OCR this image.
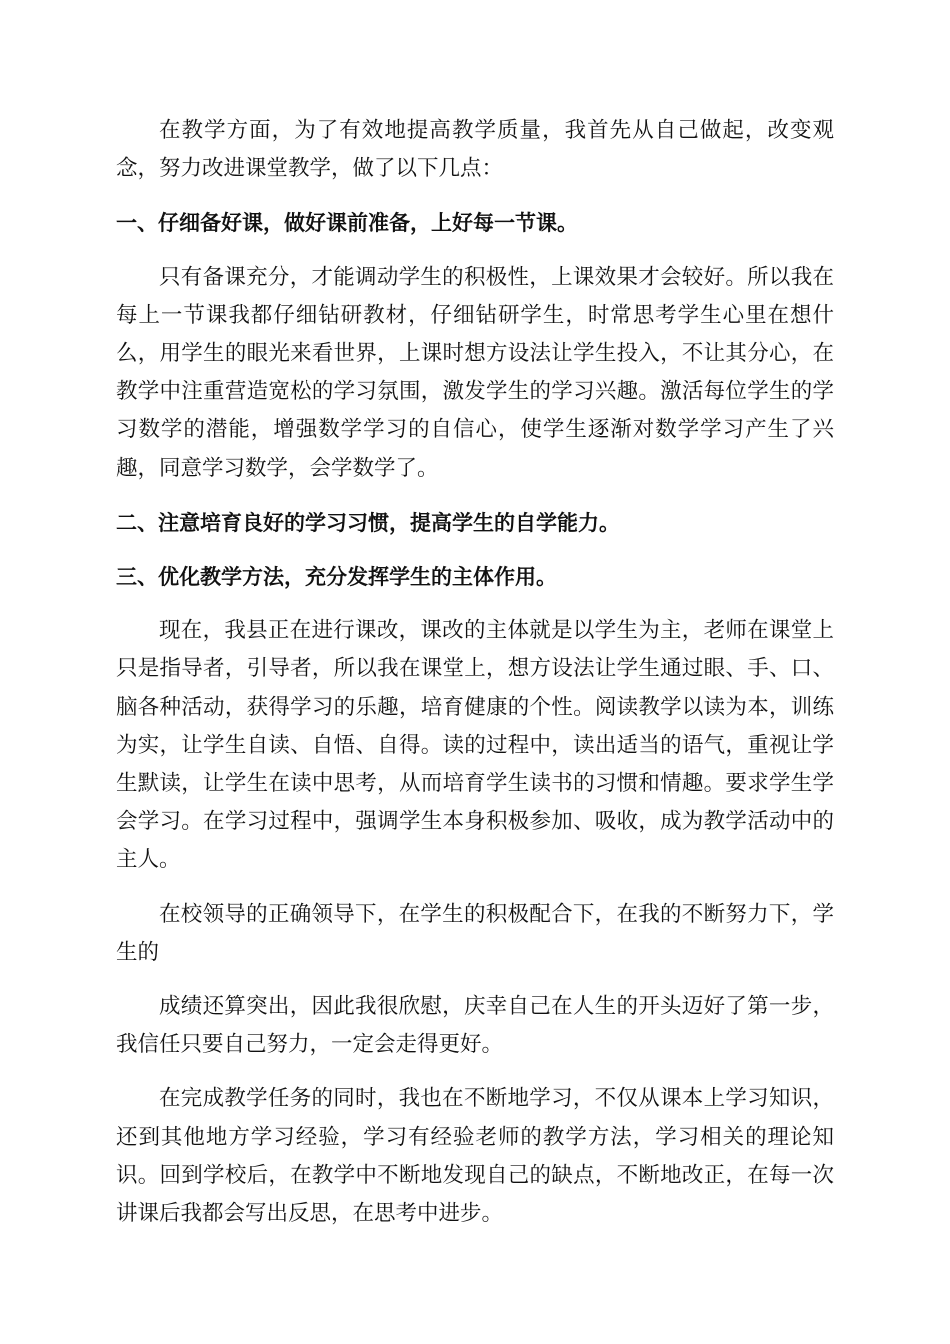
在教学方面，为了有效地提高教学质量，我首先从自己做起，改变观念，努力改进课堂教学，做了以下几点：

一、仔细备好课，做好课前准备，上好每一节课。

只有备课充分，才能调动学生的积极性，上课效果才会较好。所以我在每上一节课我都仔细钻研教材，仔细钻研学生，时常思考学生心里在想什么，用学生的眼光来看世界，上课时想方设法让学生投入，不让其分心，在教学中注重营造宽松的学习氛围，激发学生的学习兴趣。激活每位学生的学习数学的潜能，增强数学学习的自信心，使学生逐渐对数学学习产生了兴趣，同意学习数学，会学数学了。

二、注意培育良好的学习习惯，提高学生的自学能力。

三、优化教学方法，充分发挥学生的主体作用。

现在，我县正在进行课改，课改的主体就是以学生为主，老师在课堂上只是指导者，引导者，所以我在课堂上，想方设法让学生通过眼、手、口、脑各种活动，获得学习的乐趣，培育健康的个性。阅读教学以读为本，训练为实，让学生自读、自悟、自得。读的过程中，读出适当的语气，重视让学生默读，让学生在读中思考，从而培育学生读书的习惯和情趣。要求学生学会学习。在学习过程中，强调学生本身积极参加、吸收，成为教学活动中的主人。

在校领导的正确领导下，在学生的积极配合下，在我的不断努力下，学生的

成绩还算突出，因此我很欣慰，庆幸自己在人生的开头迈好了第一步，我信任只要自己努力，一定会走得更好。

在完成教学任务的同时，我也在不断地学习，不仅从课本上学习知识，还到其他地方学习经验，学习有经验老师的教学方法，学习相关的理论知识。回到学校后，在教学中不断地发现自己的缺点，不断地改正，在每一次讲课后我都会写出反思，在思考中进步。
